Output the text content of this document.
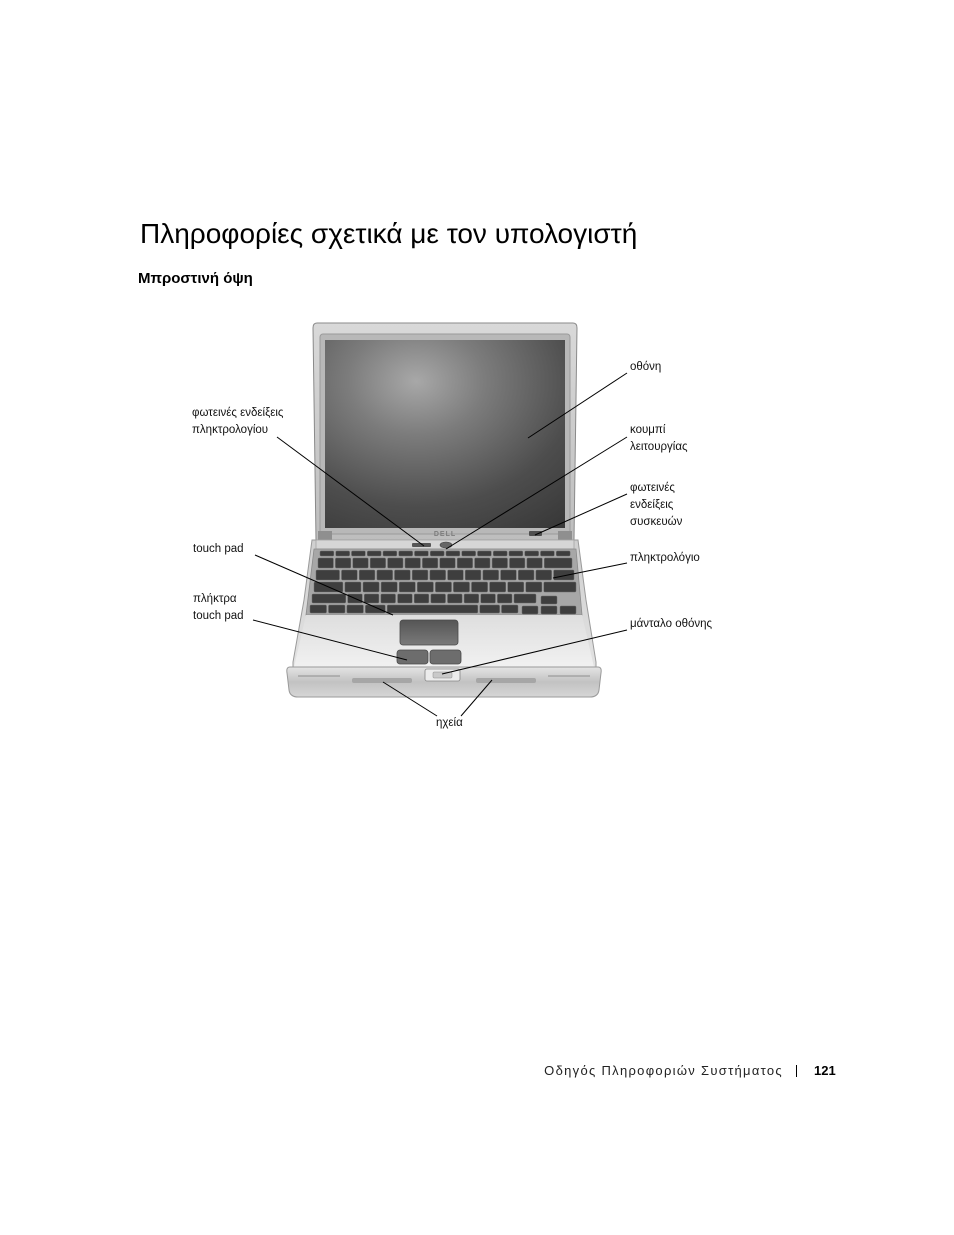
Πληροφορίες σχετικά με τον υπολογιστή
Μπροστινή όψη
DELL
οθόνη
φωτεινές ενδείξεις
πληκτρολογίου	κουμπί
λειτουργίας
φωτεινές
ενδείξεις
συσκευών
touch pad
πληκτρολόγιο
πλήκτρα
touch pad
μάνταλο οθόνης
ηχεία
Οδηγός Πληροφοριών Συστήματος 121
